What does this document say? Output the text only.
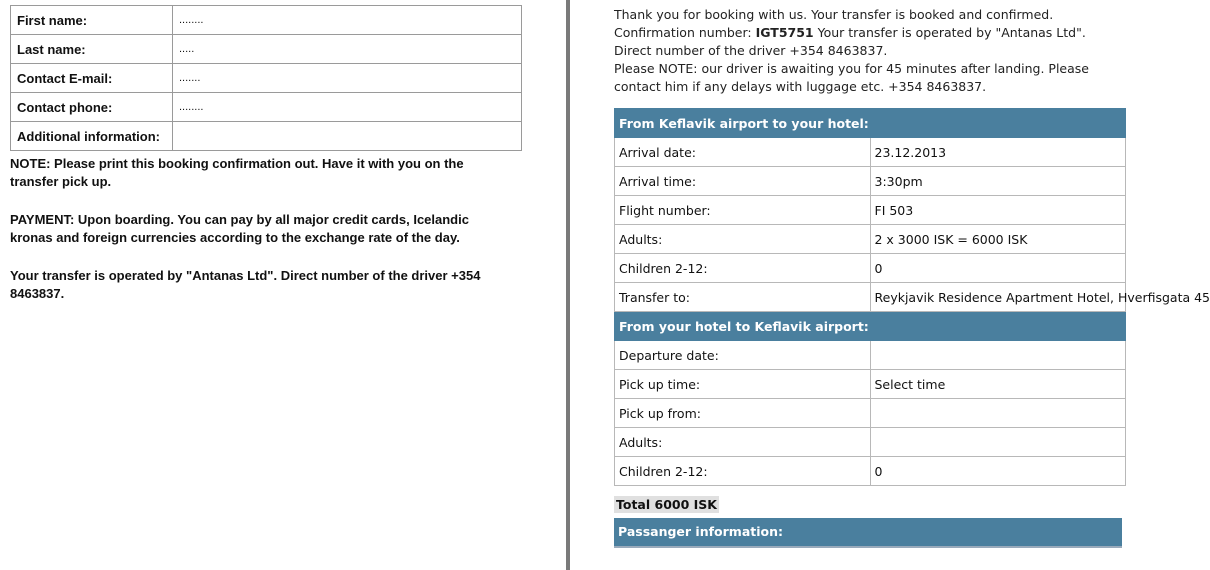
First name:	........
Last name:	.....
Contact E-mail:	.......
Contact phone:	........
Additional information:	

NOTE: Please print this booking confirmation out. Have it with you on the transfer pick up.

PAYMENT: Upon boarding. You can pay by all major credit cards, Icelandic kronas and foreign currencies according to the exchange rate of the day.

Your transfer is operated by "Antanas Ltd". Direct number of the driver +354 8463837.

Thank you for booking with us. Your transfer is booked and confirmed. Confirmation number: IGT5751 Your transfer is operated by "Antanas Ltd". Direct number of the driver +354 8463837.
Please NOTE: our driver is awaiting you for 45 minutes after landing. Please contact him if any delays with luggage etc. +354 8463837.
From Keflavik airport to your hotel:	
Arrival date:	23.12.2013
Arrival time:	3:30pm
Flight number:	FI 503
Adults:	2 x 3000 ISK = 6000 ISK
Children 2-12:	0
Transfer to:	Reykjavik Residence Apartment Hotel, Hverfisgata 45
From your hotel to Keflavik airport:	
Departure date:	
Pick up time:	Select time
Pick up from:	
Adults:	
Children 2-12:	0
Total 6000 ISK
Passanger information:
